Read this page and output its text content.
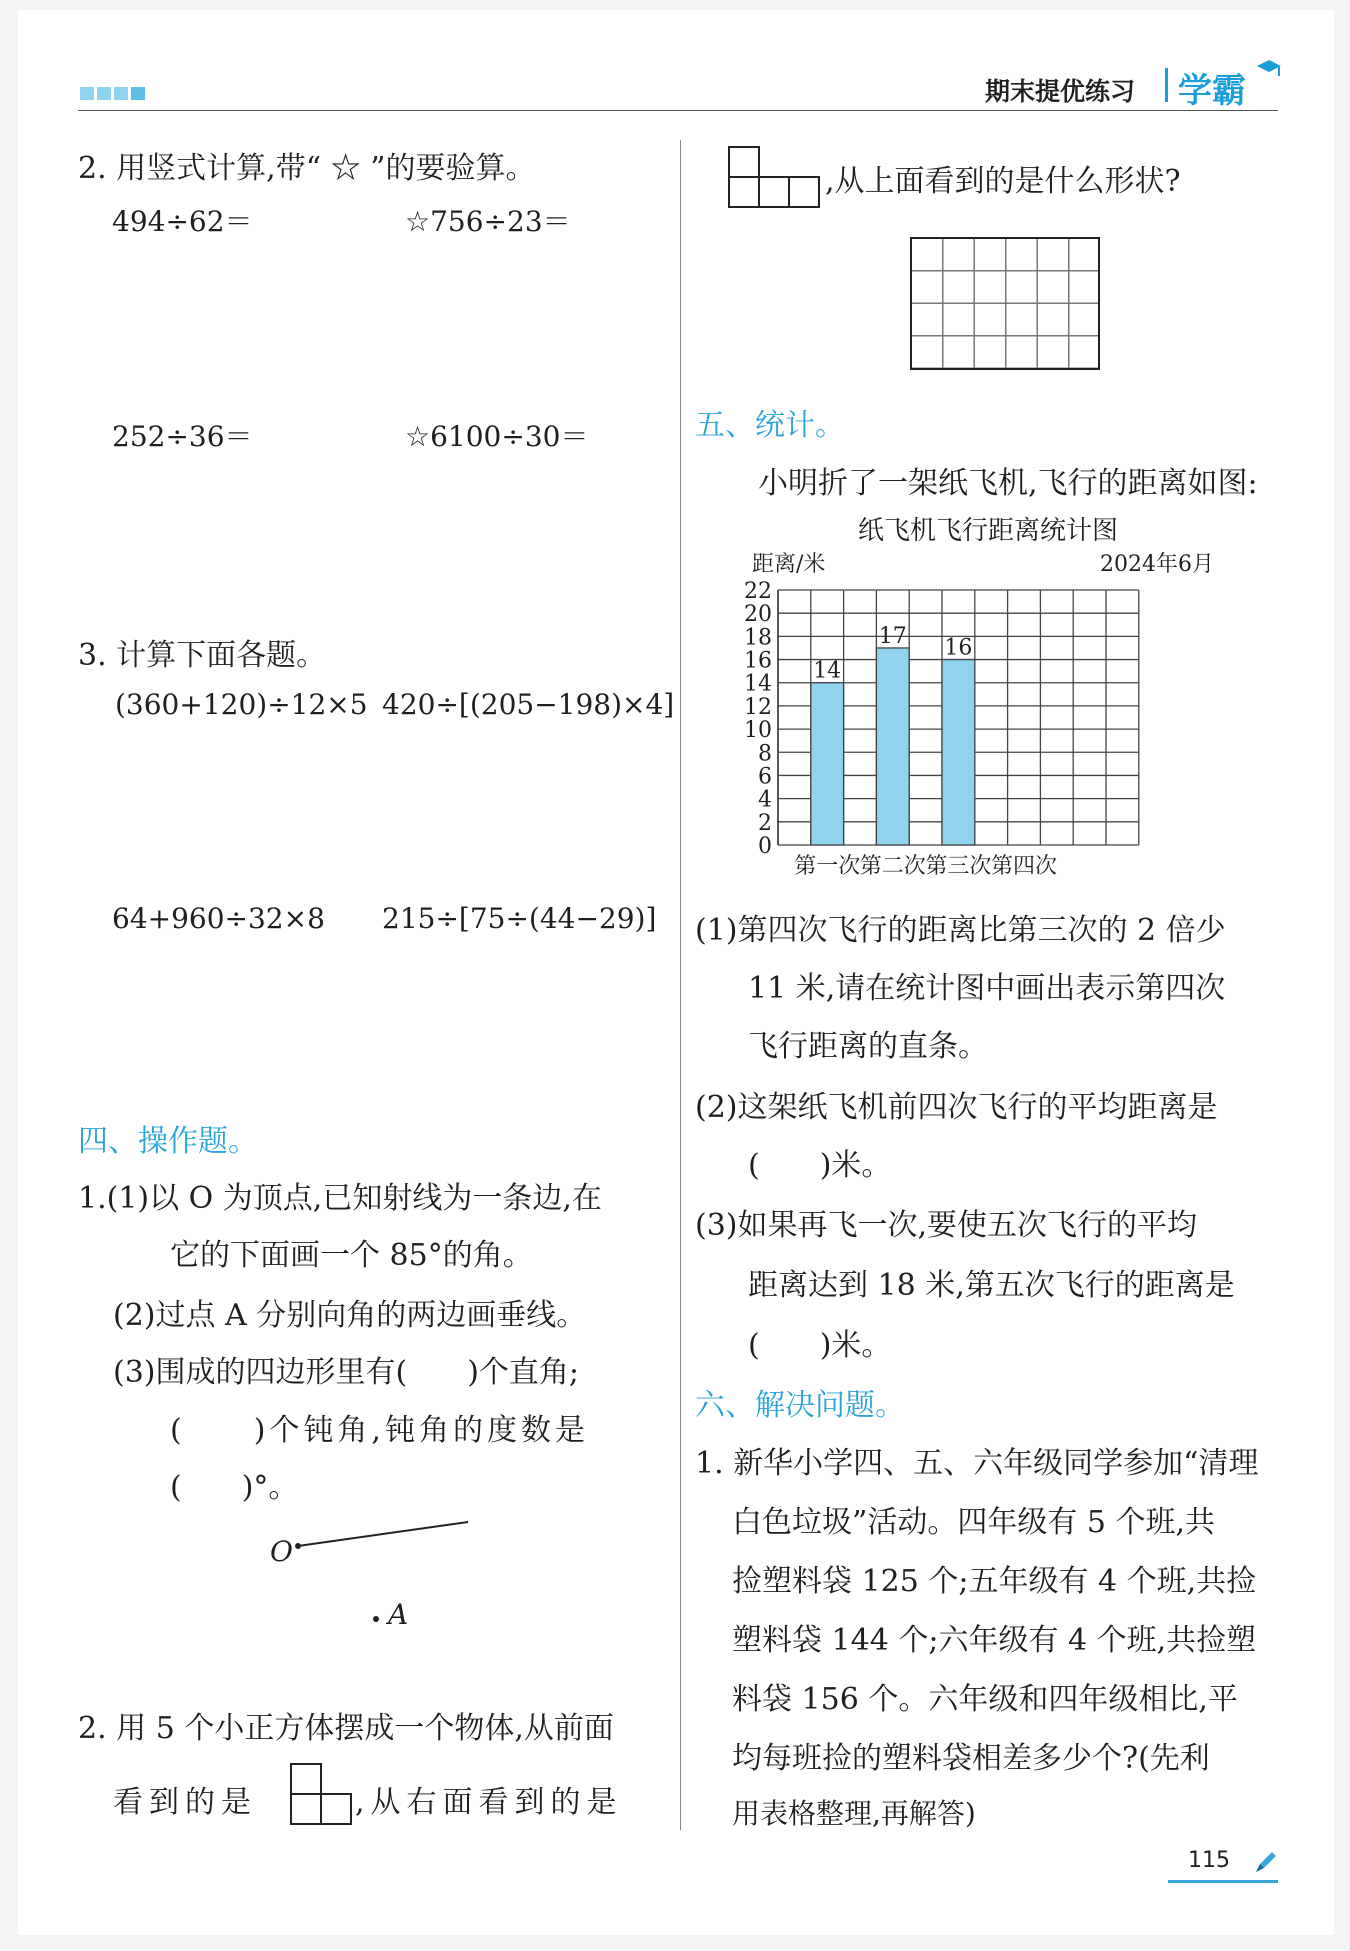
期末提优练习 学霸
2. 用竖式计算,带“ ☆ ”的要验算。
494÷62＝	☆756÷23＝
252÷36＝	☆6100÷30＝
3. 计算下面各题。
(360+120)÷12×5 420÷[(205−198)×4]
64+960÷32×8 215÷[75÷(44−29)]
四、操作题。
1.(1)以 O 为顶点,已知射线为一条边,在
它的下面画一个 85°的角。
(2)过点 A 分别向角的两边画垂线。
(3)围成的四边形里有(　　)个直角;
(　　)个钝角,钝角的度数是
(　　)°。
O
A
2. 用 5 个小正方体摆成一个物体,从前面
看到的是	,从右面看到的是
,从上面看到的是什么形状?
五、统计。
小明折了一架纸飞机,飞行的距离如图:
纸飞机飞行距离统计图
距离/米	2024年6月
0
2
4
6
8
10
12
14
16
18
20
22
14
第一次
17
第二次
16
第三次 第四次
(1)第四次飞行的距离比第三次的 2 倍少
11 米,请在统计图中画出表示第四次
飞行距离的直条。
(2)这架纸飞机前四次飞行的平均距离是
(　　)米。
(3)如果再飞一次,要使五次飞行的平均
距离达到 18 米,第五次飞行的距离是
(　　)米。
六、解决问题。
1. 新华小学四、五、六年级同学参加“清理
白色垃圾”活动。四年级有 5 个班,共
捡塑料袋 125 个;五年级有 4 个班,共捡
塑料袋 144 个;六年级有 4 个班,共捡塑
料袋 156 个。六年级和四年级相比,平
均每班捡的塑料袋相差多少个?(先利
用表格整理,再解答)
115
